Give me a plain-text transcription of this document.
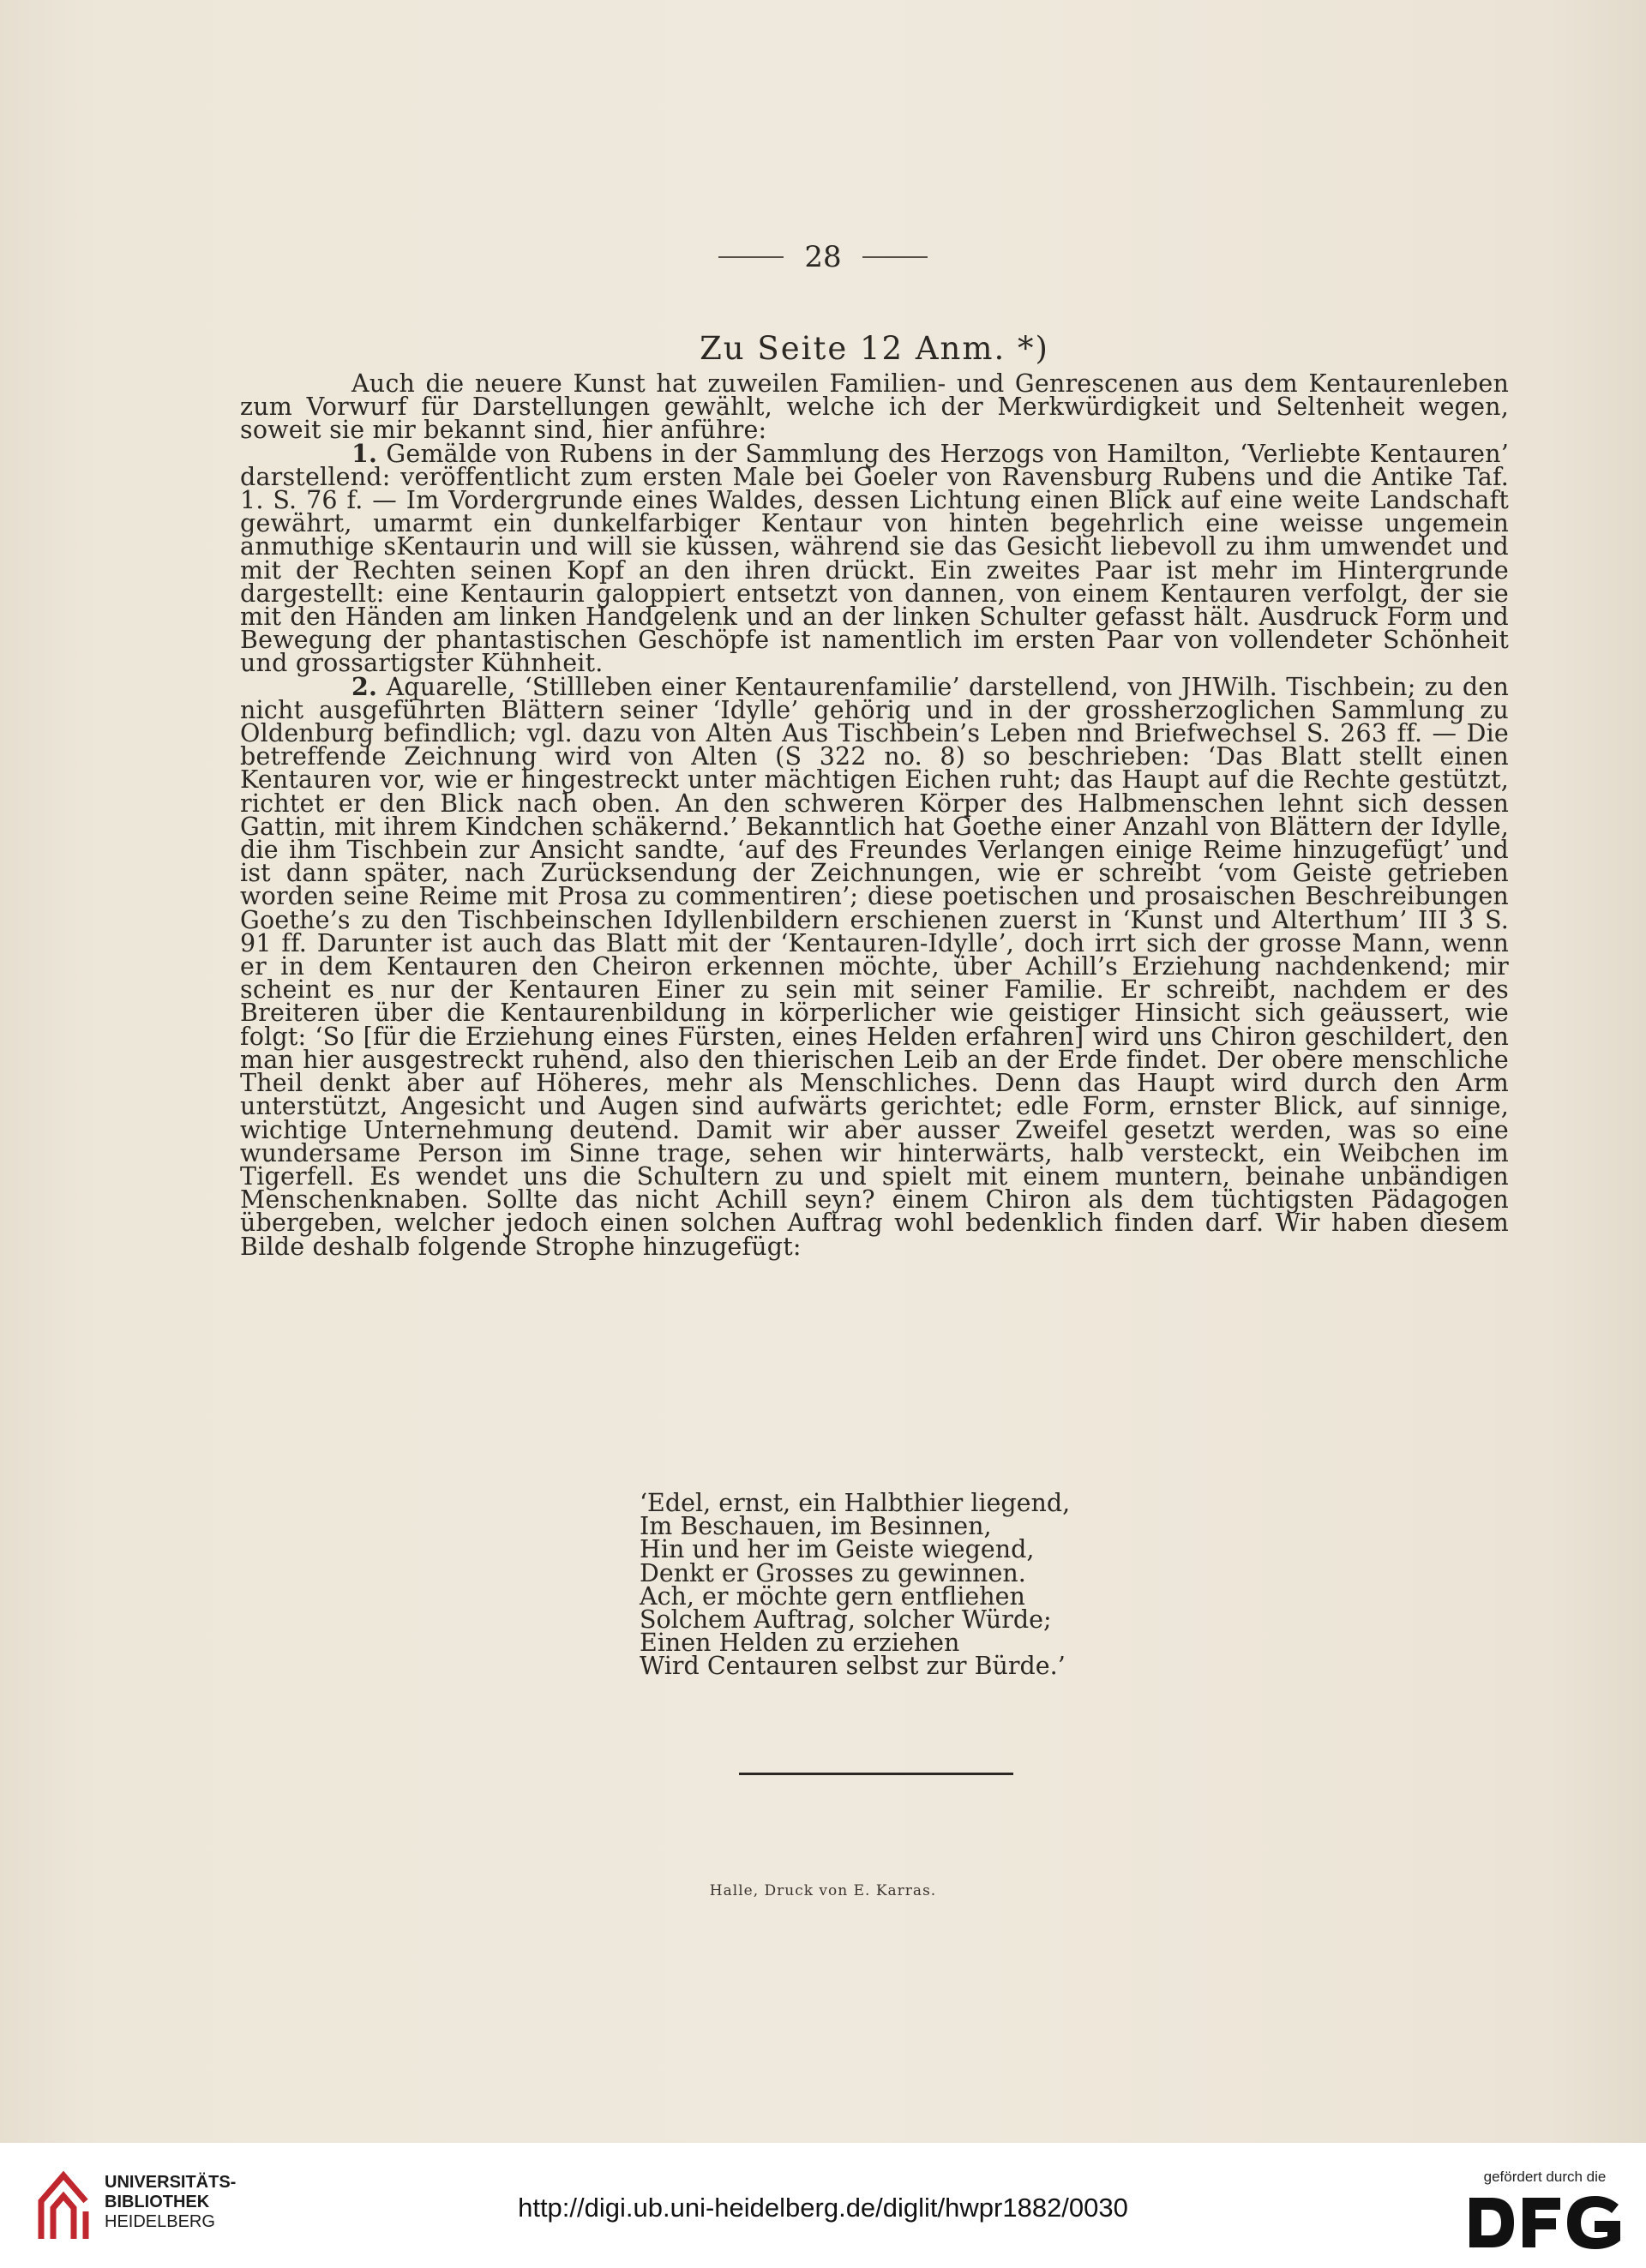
28
Zu Seite 12 Anm. *)

Auch die neuere Kunst hat zuweilen Familien- und Genrescenen aus dem Kentaurenleben zum Vorwurf für Darstellungen gewählt, welche ich der Merkwürdigkeit und Seltenheit wegen, soweit sie mir bekannt sind, hier anführe:

1. Gemälde von Rubens in der Sammlung des Herzogs von Hamilton, ‘Verliebte Kentauren’ darstellend: veröffentlicht zum ersten Male bei Goeler von Ravensburg Rubens und die Antike Taf. 1. S. 76 f. — Im Vordergrunde eines Waldes, dessen Lichtung einen Blick auf eine weite Landschaft gewährt, umarmt ein dunkelfarbiger Kentaur von hinten begehrlich eine weisse ungemein anmuthige sKentaurin und will sie küssen, während sie das Gesicht liebevoll zu ihm umwendet und mit der Rechten seinen Kopf an den ihren drückt. Ein zweites Paar ist mehr im Hintergrunde dargestellt: eine Kentaurin galoppiert entsetzt von dannen, von einem Kentauren verfolgt, der sie mit den Händen am linken Handgelenk und an der linken Schulter gefasst hält. Ausdruck Form und Bewegung der phantastischen Geschöpfe ist namentlich im ersten Paar von vollendeter Schönheit und grossartigster Kühnheit.

2. Aquarelle, ‘Stillleben einer Kentaurenfamilie’ darstellend, von JHWilh. Tischbein; zu den nicht ausgeführten Blättern seiner ‘Idylle’ gehörig und in der grossherzoglichen Sammlung zu Oldenburg befindlich; vgl. dazu von Alten Aus Tischbein’s Leben nnd Briefwechsel S. 263 ff. — Die betreffende Zeichnung wird von Alten (S 322 no. 8) so beschrieben: ‘Das Blatt stellt einen Kentauren vor, wie er hingestreckt unter mächtigen Eichen ruht; das Haupt auf die Rechte gestützt, richtet er den Blick nach oben. An den schweren Körper des Halbmenschen lehnt sich dessen Gattin, mit ihrem Kindchen schäkernd.’ Bekanntlich hat Goethe einer Anzahl von Blättern der Idylle, die ihm Tischbein zur Ansicht sandte, ‘auf des Freundes Verlangen einige Reime hinzugefügt’ und ist dann später, nach Zurücksendung der Zeichnungen, wie er schreibt ‘vom Geiste getrieben worden seine Reime mit Prosa zu commentiren’; diese poetischen und prosaischen Beschreibungen Goethe’s zu den Tischbeinschen Idyllenbildern erschienen zuerst in ‘Kunst und Alterthum’ III 3 S. 91 ff. Darunter ist auch das Blatt mit der ‘Kentauren-Idylle’, doch irrt sich der grosse Mann, wenn er in dem Kentauren den Cheiron erkennen möchte, über Achill’s Erziehung nachdenkend; mir scheint es nur der Kentauren Einer zu sein mit seiner Familie. Er schreibt, nachdem er des Breiteren über die Kentaurenbildung in körperlicher wie geistiger Hinsicht sich geäussert, wie folgt: ‘So [für die Erziehung eines Fürsten, eines Helden erfahren] wird uns Chiron geschildert, den man hier ausgestreckt ruhend, also den thierischen Leib an der Erde findet. Der obere menschliche Theil denkt aber auf Höheres, mehr als Menschliches. Denn das Haupt wird durch den Arm unterstützt, Angesicht und Augen sind aufwärts gerichtet; edle Form, ernster Blick, auf sinnige, wichtige Unternehmung deutend. Damit wir aber ausser Zweifel gesetzt werden, was so eine wundersame Person im Sinne trage, sehen wir hinterwärts, halb versteckt, ein Weibchen im Tigerfell. Es wendet uns die Schultern zu und spielt mit einem muntern, beinahe unbändigen Menschenknaben. Sollte das nicht Achill seyn? einem Chiron als dem tüchtigsten Pädagogen übergeben, welcher jedoch einen solchen Auftrag wohl bedenklich finden darf. Wir haben diesem Bilde deshalb folgende Strophe hinzugefügt:

‘Edel, ernst, ein Halbthier liegend,
Im Beschauen, im Besinnen,
Hin und her im Geiste wiegend,
Denkt er Grosses zu gewinnen.
Ach, er möchte gern entfliehen
Solchem Auftrag, solcher Würde;
Einen Helden zu erziehen
Wird Centauren selbst zur Bürde.’
Halle, Druck von E. Karras.
UNIVERSITÄTS-
BIBLIOTHEK
HEIDELBERG	http://digi.ub.uni-heidelberg.de/diglit/hwpr1882/0030
gefördert durch die
